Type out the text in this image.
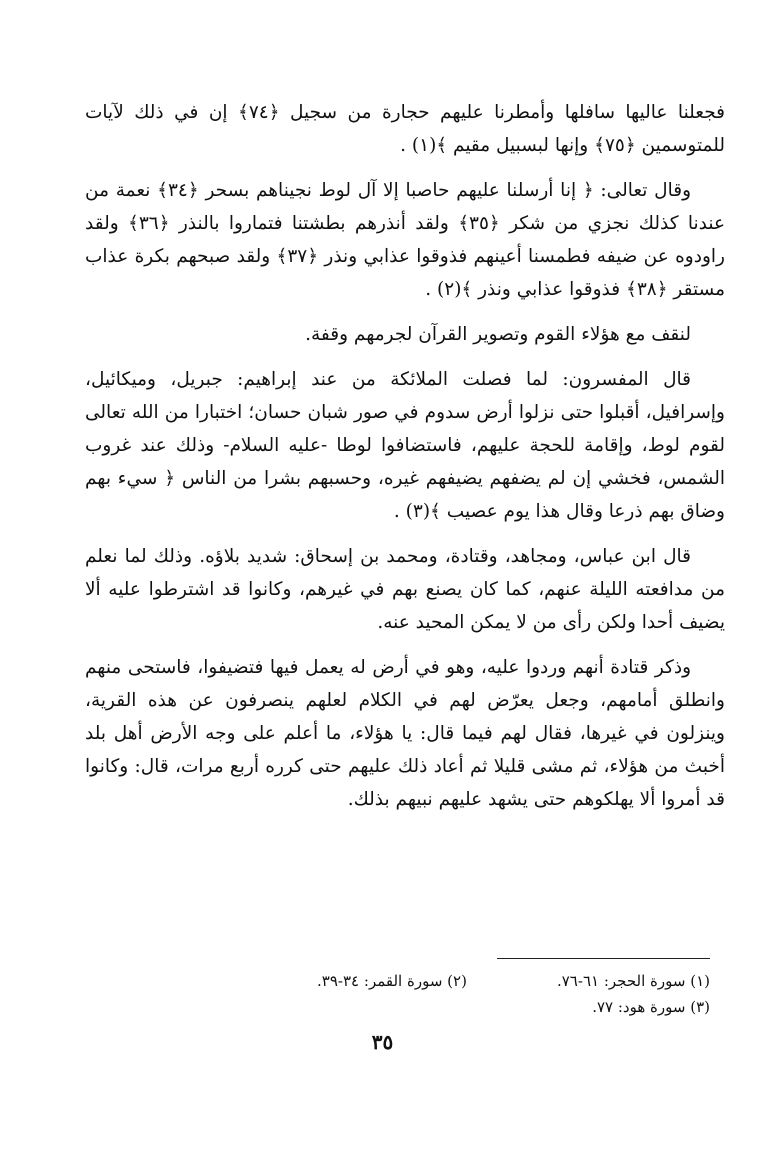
فجعلنا عاليها سافلها وأمطرنا عليهم حجارة من سجيل ﴿٧٤﴾ إن في ذلك لآيات للمتوسمين ﴿٧٥﴾ وإنها لبسبيل مقيم ﴾(١) .

وقال تعالى: ﴿ إنا أرسلنا عليهم حاصبا إلا آل لوط نجيناهم بسحر ﴿٣٤﴾ نعمة من عندنا كذلك نجزي من شكر ﴿٣٥﴾ ولقد أنذرهم بطشتنا فتماروا بالنذر ﴿٣٦﴾ ولقد راودوه عن ضيفه فطمسنا أعينهم فذوقوا عذابي ونذر ﴿٣٧﴾ ولقد صبحهم بكرة عذاب مستقر ﴿٣٨﴾ فذوقوا عذابي ونذر ﴾(٢) .

لنقف مع هؤلاء القوم وتصوير القرآن لجرمهم وقفة.

قال المفسرون: لما فصلت الملائكة من عند إبراهيم: جبريل، وميكائيل، وإسرافيل، أقبلوا حتى نزلوا أرض سدوم في صور شبان حسان؛ اختبارا من الله تعالى لقوم لوط، وإقامة للحجة عليهم، فاستضافوا لوطا -عليه السلام- وذلك عند غروب الشمس، فخشي إن لم يضفهم يضيفهم غيره، وحسبهم بشرا من الناس ﴿ سيء بهم وضاق بهم ذرعا وقال هذا يوم عصيب ﴾(٣) .

قال ابن عباس، ومجاهد، وقتادة، ومحمد بن إسحاق: شديد بلاؤه. وذلك لما نعلم من مدافعته الليلة عنهم، كما كان يصنع بهم في غيرهم، وكانوا قد اشترطوا عليه ألا يضيف أحدا ولكن رأى من لا يمكن المحيد عنه.

وذكر قتادة أنهم وردوا عليه، وهو في أرض له يعمل فيها فتضيفوا، فاستحى منهم وانطلق أمامهم، وجعل يعرّض لهم في الكلام لعلهم ينصرفون عن هذه القرية، وينزلون في غيرها، فقال لهم فيما قال: يا هؤلاء، ما أعلم على وجه الأرض أهل بلد أخبث من هؤلاء، ثم مشى قليلا ثم أعاد ذلك عليهم حتى كرره أربع مرات، قال: وكانوا قد أمروا ألا يهلكوهم حتى يشهد عليهم نبيهم بذلك.

(١) سورة الحجر: ٦١-٧٦.
(٢) سورة القمر: ٣٤-٣٩.
(٣) سورة هود: ٧٧.
٣٥
